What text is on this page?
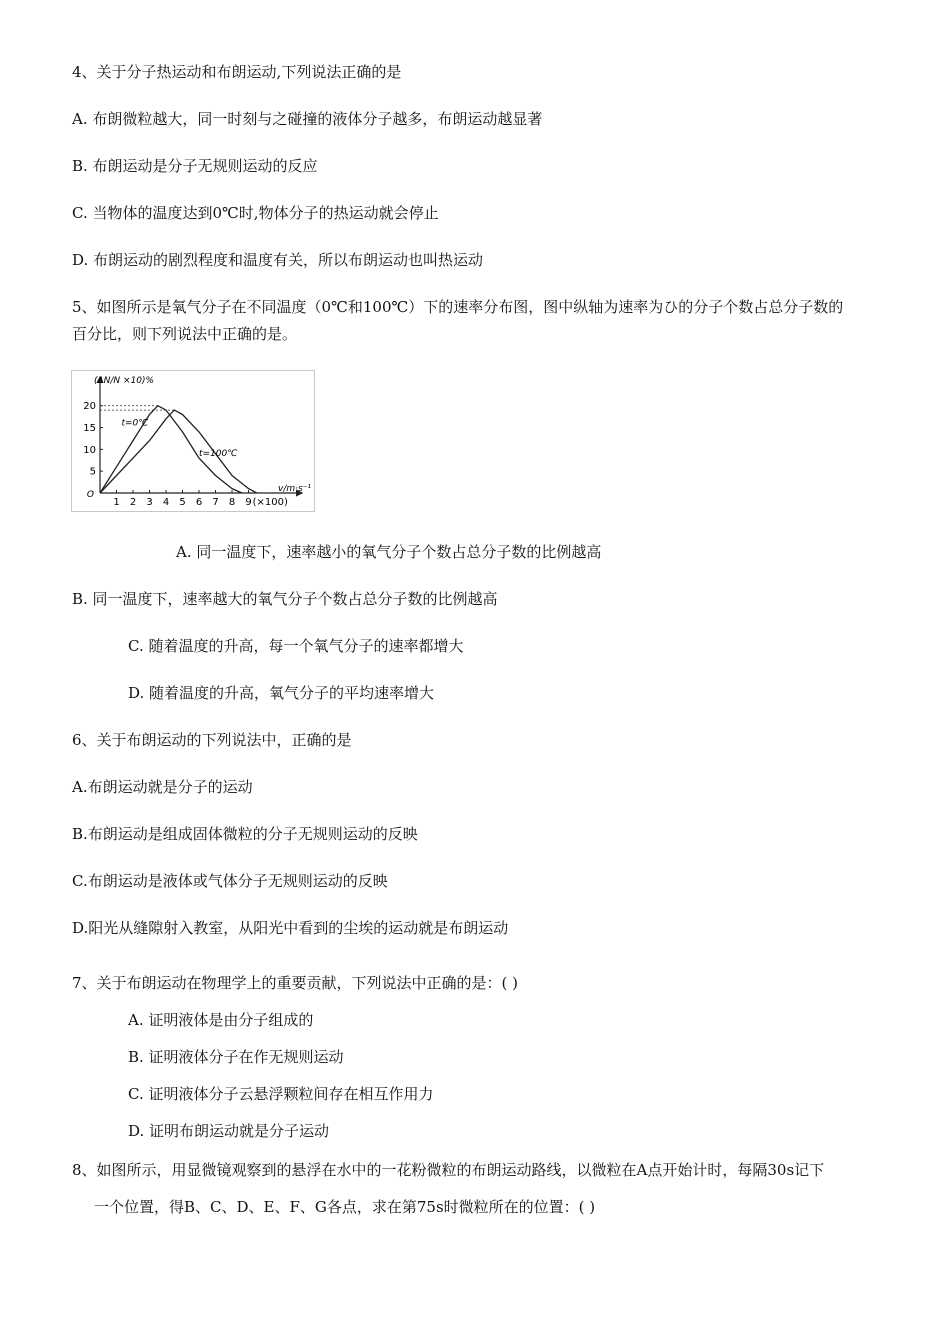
4、关于分子热运动和布朗运动,下列说法正确的是
A. 布朗微粒越大，同一时刻与之碰撞的液体分子越多，布朗运动越显著
B. 布朗运动是分子无规则运动的反应
C. 当物体的温度达到0℃时,物体分子的热运动就会停止
D. 布朗运动的剧烈程度和温度有关，所以布朗运动也叫热运动
5、如图所示是氧气分子在不同温度（0℃和100℃）下的速率分布图，图中纵轴为速率为ひ的分子个数占总分子数的
百分比，则下列说法中正确的是。
1 2 3 4 5 6 7 8 9
5
10
15
20
O
(ΔN/N ×10)%
v/m·s⁻¹
(×100)
t=0℃
t=100℃
A. 同一温度下，速率越小的氧气分子个数占总分子数的比例越高
B. 同一温度下，速率越大的氧气分子个数占总分子数的比例越高
C. 随着温度的升高，每一个氧气分子的速率都增大
D. 随着温度的升高，氧气分子的平均速率增大
6、关于布朗运动的下列说法中，正确的是
A.布朗运动就是分子的运动
B.布朗运动是组成固体微粒的分子无规则运动的反映
C.布朗运动是液体或气体分子无规则运动的反映
D.阳光从缝隙射入教室，从阳光中看到的尘埃的运动就是布朗运动
7、关于布朗运动在物理学上的重要贡献，下列说法中正确的是：( )
A. 证明液体是由分子组成的
B. 证明液体分子在作无规则运动
C. 证明液体分子云悬浮颗粒间存在相互作用力
D. 证明布朗运动就是分子运动
8、如图所示，用显微镜观察到的悬浮在水中的一花粉微粒的布朗运动路线，以微粒在A点开始计时，每隔30s记下
一个位置，得B、C、D、E、F、G各点，求在第75s时微粒所在的位置：( )
